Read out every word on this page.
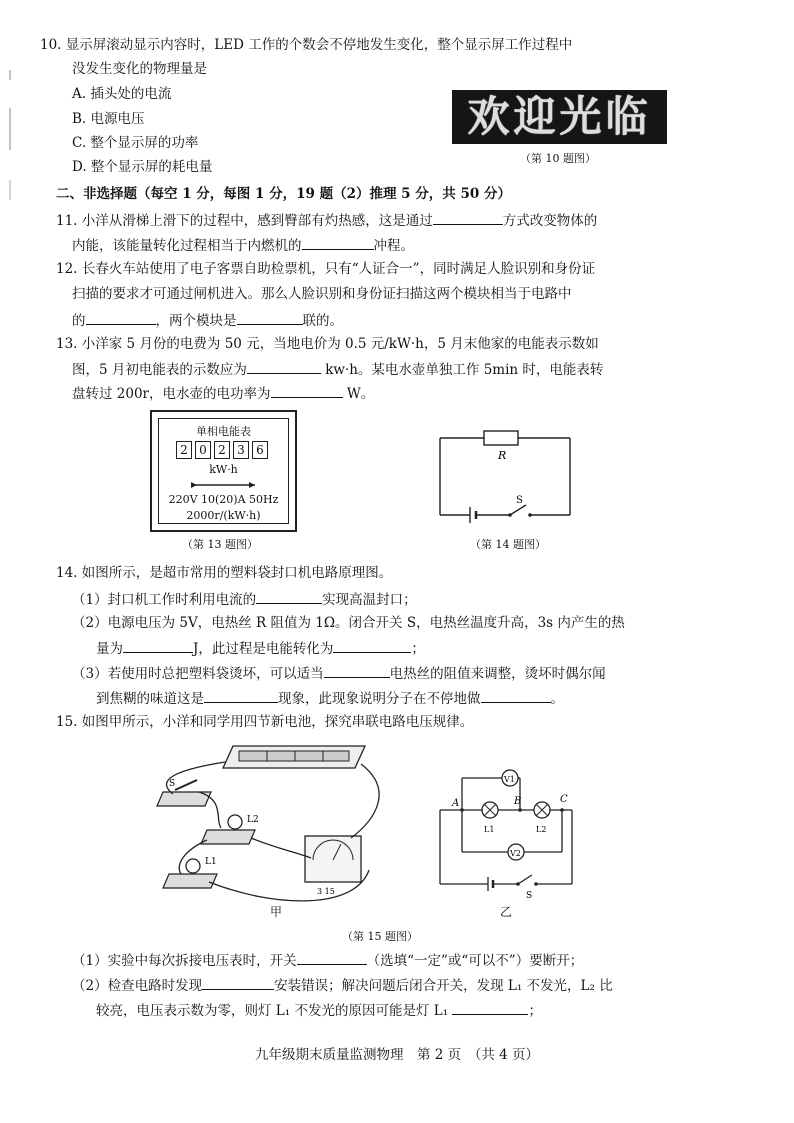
10. 显示屏滚动显示内容时，LED 工作的个数会不停地发生变化，整个显示屏工作过程中
没发生变化的物理量是
A. 插头处的电流
B. 电源电压
C. 整个显示屏的功率
D. 整个显示屏的耗电量
欢迎光临
（第 10 题图）
二、非选择题（每空 1 分，每图 1 分，19 题（2）推理 5 分，共 50 分）
11. 小洋从滑梯上滑下的过程中，感到臀部有灼热感，这是通过	方式改变物体的
内能，该能量转化过程相当于内燃机的	冲程。
12. 长春火车站使用了电子客票自助检票机，只有“人证合一”，同时满足人脸识别和身份证
扫描的要求才可通过闸机进入。那么人脸识别和身份证扫描这两个模块相当于电路中
的	，两个模块是	联的。
13. 小洋家 5 月份的电费为 50 元，当地电价为 0.5 元/kW·h，5 月末他家的电能表示数如
图，5 月初电能表的示数应为	kw·h。某电水壶单独工作 5min 时，电能表转
盘转过 200r，电水壶的电功率为	W。
单相电能表
2 0 2 3 6
kW·h
220V 10(20)A 50Hz
2000r/(kW·h)
（第 13 题图）
R
S
（第 14 题图）
14. 如图所示，是超市常用的塑料袋封口机电路原理图。
（1）封口机工作时利用电流的	实现高温封口；
（2）电源电压为 5V，电热丝 R 阻值为 1Ω。闭合开关 S，电热丝温度升高，3s 内产生的热
量为	J，此过程是电能转化为	；
（3）若使用时总把塑料袋烫坏，可以适当	电热丝的阻值来调整，烫坏时偶尔闻
到焦糊的味道这是	现象，此现象说明分子在不停地做	。
15. 如图甲所示，小洋和同学用四节新电池，探究串联电路电压规律。
S
L2
L1
3 15
甲
V1
A	B	C
L1	L2
V2
S
乙
（第 15 题图）
（1）实验中每次拆接电压表时，开关	（选填“一定”或“可以不”）要断开；
（2）检查电路时发现	安装错误；解决问题后闭合开关，发现 L₁ 不发光，L₂ 比
较亮，电压表示数为零，则灯 L₁ 不发光的原因可能是灯 L₁	；
九年级期末质量监测物理　第 2 页　（共 4 页）
